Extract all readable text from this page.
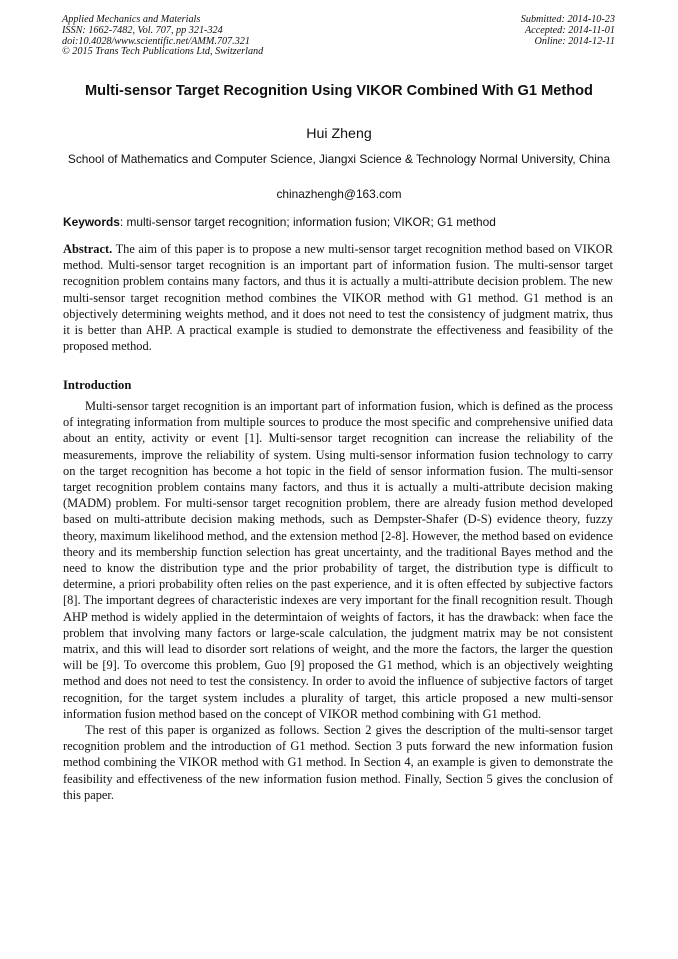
Applied Mechanics and Materials
ISSN: 1662-7482, Vol. 707, pp 321-324
doi:10.4028/www.scientific.net/AMM.707.321
© 2015 Trans Tech Publications Ltd, Switzerland
Submitted: 2014-10-23
Accepted: 2014-11-01
Online: 2014-12-11
Multi-sensor Target Recognition Using VIKOR Combined With G1 Method
Hui Zheng
School of Mathematics and Computer Science, Jiangxi Science & Technology Normal University, China
chinazhengh@163.com
Keywords: multi-sensor target recognition; information fusion; VIKOR; G1 method
Abstract. The aim of this paper is to propose a new multi-sensor target recognition method based on VIKOR method. Multi-sensor target recognition is an important part of information fusion. The multi-sensor target recognition problem contains many factors, and thus it is actually a multi-attribute decision problem. The new multi-sensor target recognition method combines the VIKOR method with G1 method. G1 method is an objectively determining weights method, and it does not need to test the consistency of judgment matrix, thus it is better than AHP. A practical example is studied to demonstrate the effectiveness and feasibility of the proposed method.
Introduction

Multi-sensor target recognition is an important part of information fusion, which is defined as the process of integrating information from multiple sources to produce the most specific and comprehensive unified data about an entity, activity or event [1]. Multi-sensor target recognition can increase the reliability of the measurements, improve the reliability of system. Using multi-sensor information fusion technology to carry on the target recognition has become a hot topic in the field of sensor information fusion. The multi-sensor target recognition problem contains many factors, and thus it is actually a multi-attribute decision making (MADM) problem. For multi-sensor target recognition problem, there are already fusion method developed based on multi-attribute decision making methods, such as Dempster-Shafer (D-S) evidence theory, fuzzy theory, maximum likelihood method, and the extension method [2-8]. However, the method based on evidence theory and its membership function selection has great uncertainty, and the traditional Bayes method and the need to know the distribution type and the prior probability of target, the distribution type is difficult to determine, a priori probability often relies on the past experience, and it is often effected by subjective factors [8]. The important degrees of characteristic indexes are very important for the finall recognition result. Though AHP method is widely applied in the determintaion of weights of factors, it has the drawback: when face the problem that involving many factors or large-scale calculation, the judgment matrix may be not consistent matrix, and this will lead to disorder sort relations of weight, and the more the factors, the larger the question will be [9]. To overcome this problem, Guo [9] proposed the G1 method, which is an objectively weighting method and does not need to test the consistency. In order to avoid the influence of subjective factors of target recognition, for the target system includes a plurality of target, this article proposed a new multi-sensor information fusion method based on the concept of VIKOR method combining with G1 method.

The rest of this paper is organized as follows. Section 2 gives the description of the multi-sensor target recognition problem and the introduction of G1 method. Section 3 puts forward the new information fusion method combining the VIKOR method with G1 method. In Section 4, an example is given to demonstrate the feasibility and effectiveness of the new information fusion method. Finally, Section 5 gives the conclusion of this paper.
